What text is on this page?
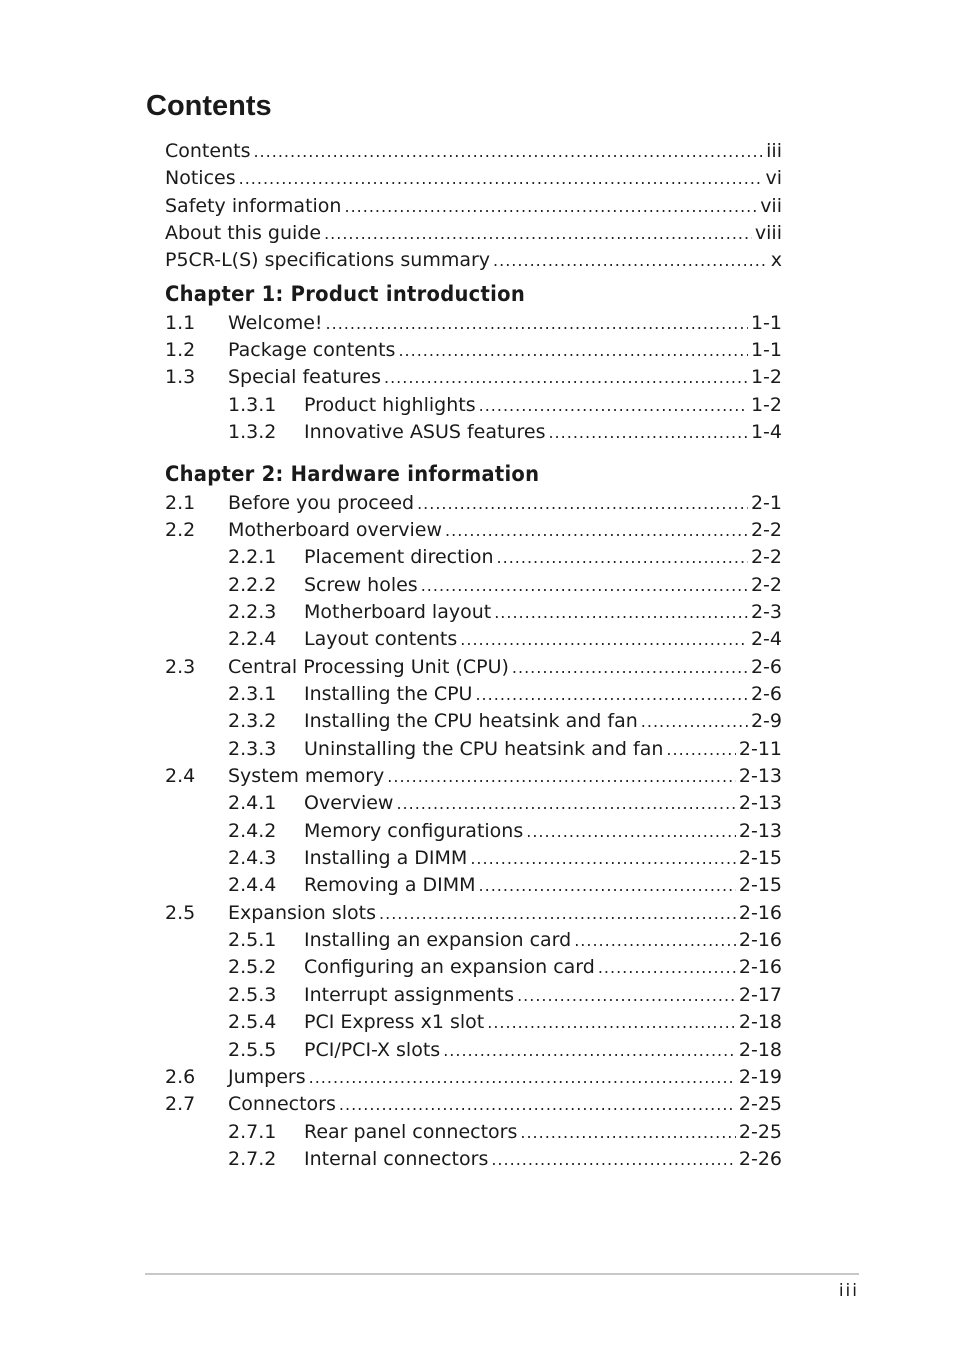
Contents
Contents .....	iii
Notices .....	vi
Safety information .....	vii
About this guide .....	viii
P5CR-L(S) specifications summary .....	x
Chapter 1: Product introduction
1.1	Welcome! .....	1-1
1.2	Package contents .....	1-1
1.3	Special features .....	1-2
1.3.1	Product highlights .....	1-2
1.3.2	Innovative ASUS features .....	1-4
Chapter 2: Hardware information
2.1	Before you proceed .....	2-1
2.2	Motherboard overview .....	2-2
2.2.1	Placement direction .....	2-2
2.2.2	Screw holes .....	2-2
2.2.3	Motherboard layout .....	2-3
2.2.4	Layout contents .....	2-4
2.3	Central Processing Unit (CPU) .....	2-6
2.3.1	Installing the CPU .....	2-6
2.3.2	Installing the CPU heatsink and fan .....	2-9
2.3.3	Uninstalling the CPU heatsink and fan .....	2-11
2.4	System memory .....	2-13
2.4.1	Overview .....	2-13
2.4.2	Memory configurations .....	2-13
2.4.3	Installing a DIMM .....	2-15
2.4.4	Removing a DIMM .....	2-15
2.5	Expansion slots .....	2-16
2.5.1	Installing an expansion card .....	2-16
2.5.2	Configuring an expansion card .....	2-16
2.5.3	Interrupt assignments .....	2-17
2.5.4	PCI Express x1 slot .....	2-18
2.5.5	PCI/PCI-X slots .....	2-18
2.6	Jumpers .....	2-19
2.7	Connectors .....	2-25
2.7.1	Rear panel connectors .....	2-25
2.7.2	Internal connectors .....	2-26
iii
